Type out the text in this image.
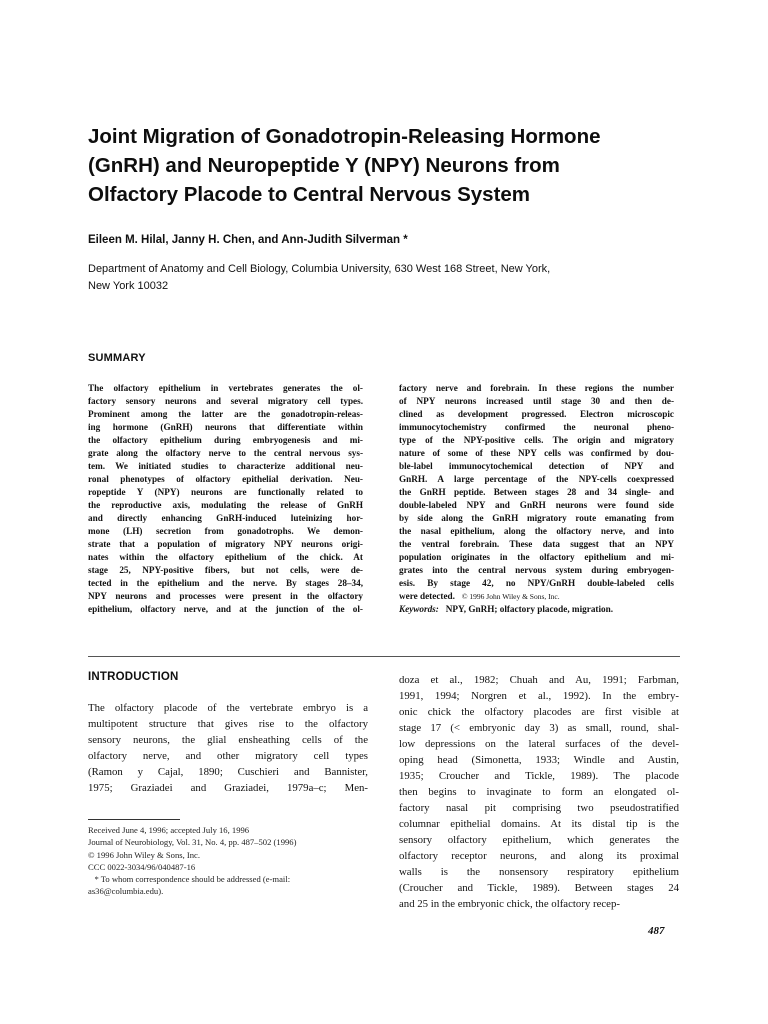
Joint Migration of Gonadotropin-Releasing Hormone
(GnRH) and Neuropeptide Y (NPY) Neurons from
Olfactory Placode to Central Nervous System
Eileen M. Hilal, Janny H. Chen, and Ann-Judith Silverman *
Department of Anatomy and Cell Biology, Columbia University, 630 West 168 Street, New York,
New York 10032
SUMMARY
The olfactory epithelium in vertebrates generates the ol-
factory sensory neurons and several migratory cell types.
Prominent among the latter are the gonadotropin-releas-
ing hormone (GnRH) neurons that differentiate within
the olfactory epithelium during embryogenesis and mi-
grate along the olfactory nerve to the central nervous sys-
tem. We initiated studies to characterize additional neu-
ronal phenotypes of olfactory epithelial derivation. Neu-
ropeptide Y (NPY) neurons are functionally related to
the reproductive axis, modulating the release of GnRH
and directly enhancing GnRH-induced luteinizing hor-
mone (LH) secretion from gonadotrophs. We demon-
strate that a population of migratory NPY neurons origi-
nates within the olfactory epithelium of the chick. At
stage 25, NPY-positive fibers, but not cells, were de-
tected in the epithelium and the nerve. By stages 28–34,
NPY neurons and processes were present in the olfactory
epithelium, olfactory nerve, and at the junction of the ol-
factory nerve and forebrain. In these regions the number
of NPY neurons increased until stage 30 and then de-
clined as development progressed. Electron microscopic
immunocytochemistry confirmed the neuronal pheno-
type of the NPY-positive cells. The origin and migratory
nature of some of these NPY cells was confirmed by dou-
ble-label immunocytochemical detection of NPY and
GnRH. A large percentage of the NPY-cells coexpressed
the GnRH peptide. Between stages 28 and 34 single- and
double-labeled NPY and GnRH neurons were found side
by side along the GnRH migratory route emanating from
the nasal epithelium, along the olfactory nerve, and into
the ventral forebrain. These data suggest that an NPY
population originates in the olfactory epithelium and mi-
grates into the central nervous system during embryogen-
esis. By stage 42, no NPY/GnRH double-labeled cells
were detected. © 1996 John Wiley & Sons, Inc.
Keywords: NPY, GnRH; olfactory placode, migration.
INTRODUCTION
The olfactory placode of the vertebrate embryo is a
multipotent structure that gives rise to the olfactory
sensory neurons, the glial ensheathing cells of the
olfactory nerve, and other migratory cell types
(Ramon y Cajal, 1890; Cuschieri and Bannister,
1975; Graziadei and Graziadei, 1979a–c; Men-
doza et al., 1982; Chuah and Au, 1991; Farbman,
1991, 1994; Norgren et al., 1992). In the embry-
onic chick the olfactory placodes are first visible at
stage 17 (< embryonic day 3) as small, round, shal-
low depressions on the lateral surfaces of the devel-
oping head (Simonetta, 1933; Windle and Austin,
1935; Croucher and Tickle, 1989). The placode
then begins to invaginate to form an elongated ol-
factory nasal pit comprising two pseudostratified
columnar epithelial domains. At its distal tip is the
sensory olfactory epithelium, which generates the
olfactory receptor neurons, and along its proximal
walls is the nonsensory respiratory epithelium
(Croucher and Tickle, 1989). Between stages 24
and 25 in the embryonic chick, the olfactory recep-
Received June 4, 1996; accepted July 16, 1996
Journal of Neurobiology, Vol. 31, No. 4, pp. 487–502 (1996)
© 1996 John Wiley & Sons, Inc.
CCC 0022-3034/96/040487-16
* To whom correspondence should be addressed (e-mail:
as36@columbia.edu).
487
